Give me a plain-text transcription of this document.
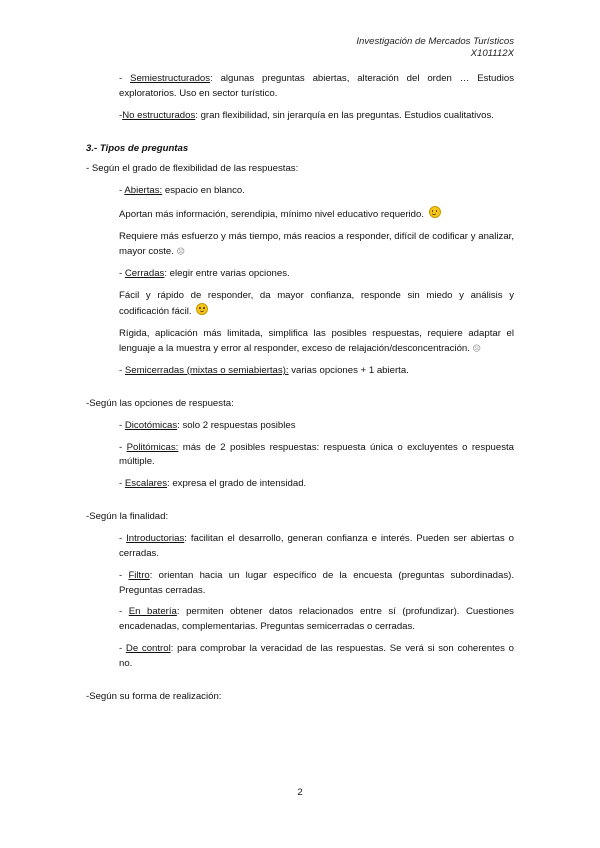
Investigación de Mercados Turísticos
X101112X

- Semiestructurados: algunas preguntas abiertas, alteración del orden … Estudios exploratorios. Uso en sector turístico.

-No estructurados: gran flexibilidad, sin jerarquía en las preguntas. Estudios cualitativos.

3.- Tipos de preguntas

- Según el grado de flexibilidad de las respuestas:

- Abiertas: espacio en blanco.

Aportan más información, serendipia, mínimo nivel educativo requerido.

Requiere más esfuerzo y más tiempo, más reacios a responder, difícil de codificar y analizar, mayor coste. ☹

- Cerradas: elegir entre varias opciones.

Fácil y rápido de responder, da mayor confianza, responde sin miedo y análisis y codificación fácil.

Rígida, aplicación más limitada, simplifica las posibles respuestas, requiere adaptar el lenguaje a la muestra y error al responder, exceso de relajación/desconcentración. ☹

- Semicerradas (mixtas o semiabiertas): varias opciones + 1 abierta.

-Según las opciones de respuesta:

- Dicotómicas: solo 2 respuestas posibles

- Politómicas: más de 2 posibles respuestas: respuesta única o excluyentes o respuesta múltiple.

- Escalares: expresa el grado de intensidad.

-Según la finalidad:

- Introductorias: facilitan el desarrollo, generan confianza e interés. Pueden ser abiertas o cerradas.

- Filtro: orientan hacia un lugar específico de la encuesta (preguntas subordinadas). Preguntas cerradas.

- En batería: permiten obtener datos relacionados entre sí (profundizar). Cuestiones encadenadas, complementarias. Preguntas semicerradas o cerradas.

- De control: para comprobar la veracidad de las respuestas. Se verá si son coherentes o no.

-Según su forma de realización:

2
